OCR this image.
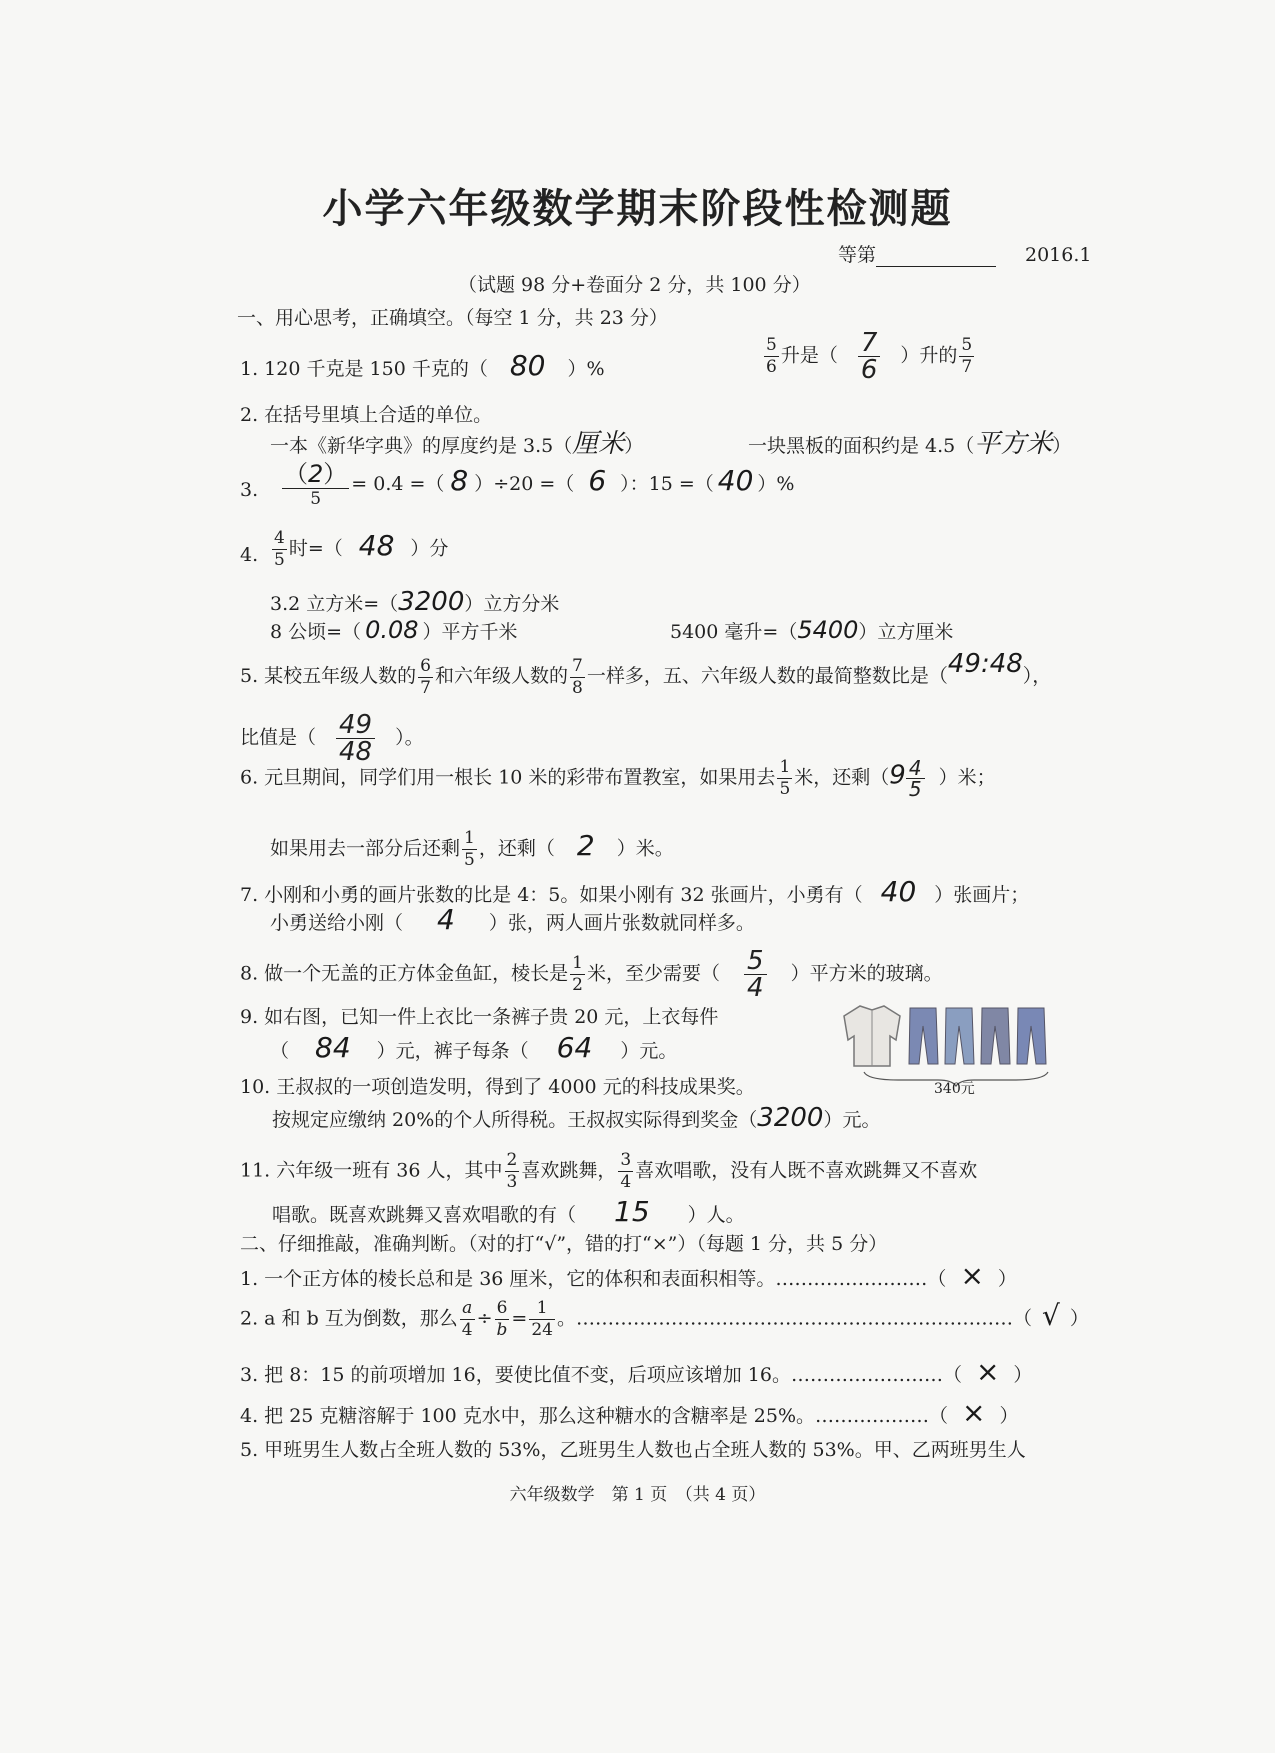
小学六年级数学期末阶段性检测题
等第	2016.1
（试题 98 分+卷面分 2 分，共 100 分）
一、用心思考，正确填空。（每空 1 分，共 23 分）
1. 120 千克是 150 千克的（ 80 ）%	$\frac{5}{6}$ 升是（ $\frac{7}{6}$ ）升的 $\frac{5}{7}$
2. 在括号里填上合适的单位。
一本《新华字典》的厚度约是 3.5（厘米）	一块黑板的面积约是 4.5（平方米）
3. $\frac{(2)}{5} = 0.4$ =（ 8 ）÷20 =（ 6 ）：15 =（ 40 ）%
4. $\frac{4}{5}$ 时=（ 48 ）分
3.2 立方米=（3200）立方分米
8 公顷=（ 0.08 ）平方千米	5400 毫升=（5400）立方厘米
5. 某校五年级人数的 $\frac{6}{7}$ 和六年级人数的 $\frac{7}{8}$ 一样多，五、六年级人数的最简整数比是（49:48），
比值是（ $\frac{49}{48}$ ）。
6. 元旦期间，同学们用一根长 10 米的彩带布置教室，如果用去 $\frac{1}{5}$ 米，还剩（$9 \frac{4}{5}$ ）米；
如果用去一部分后还剩 $\frac{1}{5}$ ，还剩（ 2 ）米。
7. 小刚和小勇的画片张数的比是 4：5。如果小刚有 32 张画片，小勇有（ 40 ）张画片；
小勇送给小刚（ 4 ）张，两人画片张数就同样多。
8. 做一个无盖的正方体金鱼缸，棱长是 $\frac{1}{2}$ 米，至少需要（ $\frac{5}{4}$ ）平方米的玻璃。
9. 如右图，已知一件上衣比一条裤子贵 20 元，上衣每件
（ 84 ）元，裤子每条（ 64 ）元。
340元
10. 王叔叔的一项创造发明，得到了 4000 元的科技成果奖。
按规定应缴纳 20%的个人所得税。王叔叔实际得到奖金（3200）元。
11. 六年级一班有 36 人，其中 $\frac{2}{3}$ 喜欢跳舞， $\frac{3}{4}$ 喜欢唱歌，没有人既不喜欢跳舞又不喜欢
唱歌。既喜欢跳舞又喜欢唱歌的有（ 15 ）人。
二、仔细推敲，准确判断。（对的打“√”，错的打“×”）（每题 1 分，共 5 分）
1. 一个正方体的棱长总和是 36 厘米，它的体积和表面积相等。……………………（ × ）
2. a 和 b 互为倒数，那么 $\frac{a}{4} \div \frac{6}{b} = \frac{1}{24}$ 。……………………………………………………………（ √ ）
3. 把 8：15 的前项增加 16，要使比值不变，后项应该增加 16。……………………（ × ）
4. 把 25 克糖溶解于 100 克水中，那么这种糖水的含糖率是 25%。………………（ × ）
5. 甲班男生人数占全班人数的 53%，乙班男生人数也占全班人数的 53%。甲、乙两班男生人
六年级数学　第 1 页　（共 4 页）
